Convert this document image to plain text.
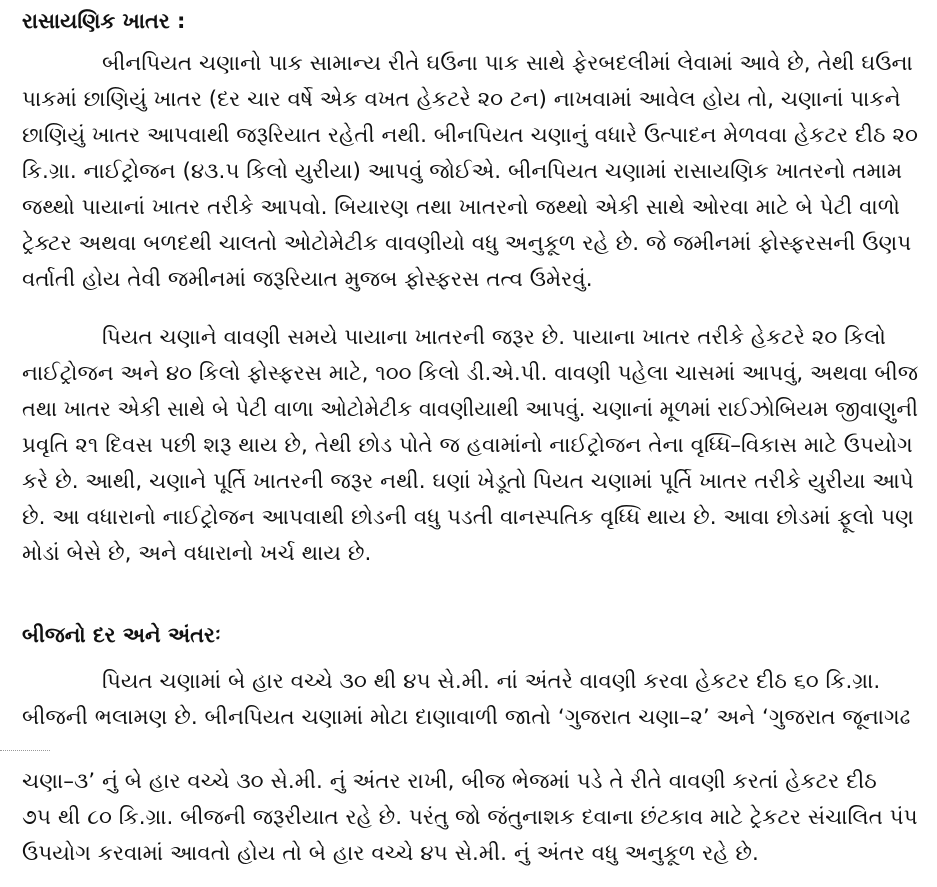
રાસાયણિક ખાતર :
બીનપિયત ચણાનો પાક સામાન્ય રીતે ઘઉના પાક સાથે ફેરબદલીમાં લેવામાં આવે છે, તેથી ઘઉના
પાકમાં છાણિયું ખાતર (દર ચાર વર્ષે એક વખત હેકટરે ૨૦ ટન) નાખવામાં આવેલ હોય તો, ચણાનાં પાકને
છાણિયું ખાતર આપવાથી જરૂરિયાત રહેતી નથી. બીનપિયત ચણાનું વધારે ઉત્પાદન મેળવવા હેકટર દીઠ ૨૦
કિ.ગ્રા. નાઈટ્રોજન (૪૩.૫ કિલો યુરીયા) આપવું જોઈએ. બીનપિયત ચણામાં રાસાયણિક ખાતરનો તમામ
જથ્થો પાયાનાં ખાતર તરીકે આપવો. બિયારણ તથા ખાતરનો જથ્થો એકી સાથે ઓરવા માટે બે પેટી વાળો
ટ્રેક્ટર અથવા બળદથી ચાલતો ઓટોમેટીક વાવણીયો વધુ અનુકૂળ રહે છે. જે જમીનમાં ફોસ્ફરસની ઉણપ
વર્તાતી હોય તેવી જમીનમાં જરૂરિયાત મુજબ ફોસ્ફરસ તત્વ ઉમેરવું.
પિયત ચણાને વાવણી સમયે પાયાના ખાતરની જરૂર છે. પાયાના ખાતર તરીકે હેકટરે ૨૦ કિલો
નાઈટ્રોજન અને ૪૦ કિલો ફોસ્ફરસ માટે, ૧૦૦ કિલો ડી.એ.પી. વાવણી પહેલા ચાસમાં આપવું, અથવા બીજ
તથા ખાતર એકી સાથે બે પેટી વાળા ઓટોમેટીક વાવણીયાથી આપવું. ચણાનાં મૂળમાં રાઈઝોબિયમ જીવાણુની
પ્રવૃતિ ૨૧ દિવસ પછી શરૂ થાય છે, તેથી છોડ પોતે જ હવામાંનો નાઈટ્રોજન તેના વૃધ્ધિ–વિકાસ માટે ઉપયોગ
કરે છે. આથી, ચણાને પૂર્તિ ખાતરની જરૂર નથી. ઘણાં ખેડૂતો પિયત ચણામાં પૂર્તિ ખાતર તરીકે યુરીયા આપે
છે. આ વધારાનો નાઈટ્રોજન આપવાથી છોડની વધુ પડતી વાનસ્પતિક વૃધ્ધિ થાય છે. આવા છોડમાં ફૂલો પણ
મોડાં બેસે છે, અને વધારાનો ખર્ચ થાય છે.
બીજનો દર અને અંતરઃ
પિયત ચણામાં બે હાર વચ્ચે ૩૦ થી ૪૫ સે.મી. નાં અંતરે વાવણી કરવા હેકટર દીઠ ૬૦ કિ.ગ્રા.
બીજની ભલામણ છે. બીનપિયત ચણામાં મોટા દાણાવાળી જાતો ‘ગુજરાત ચણા–૨’ અને ‘ગુજરાત જૂનાગઢ
ચણા–૩’ નું બે હાર વચ્ચે ૩૦ સે.મી. નું અંતર રાખી, બીજ ભેજમાં પડે તે રીતે વાવણી કરતાં હેકટર દીઠ
૭૫ થી ૮૦ કિ.ગ્રા. બીજની જરૂરીયાત રહે છે. પરંતુ જો જંતુનાશક દવાના છંટકાવ માટે ટ્રેકટર સંચાલિત પંપ
ઉપયોગ કરવામાં આવતો હોય તો બે હાર વચ્ચે ૪૫ સે.મી. નું અંતર વધુ અનુકૂળ રહે છે.
